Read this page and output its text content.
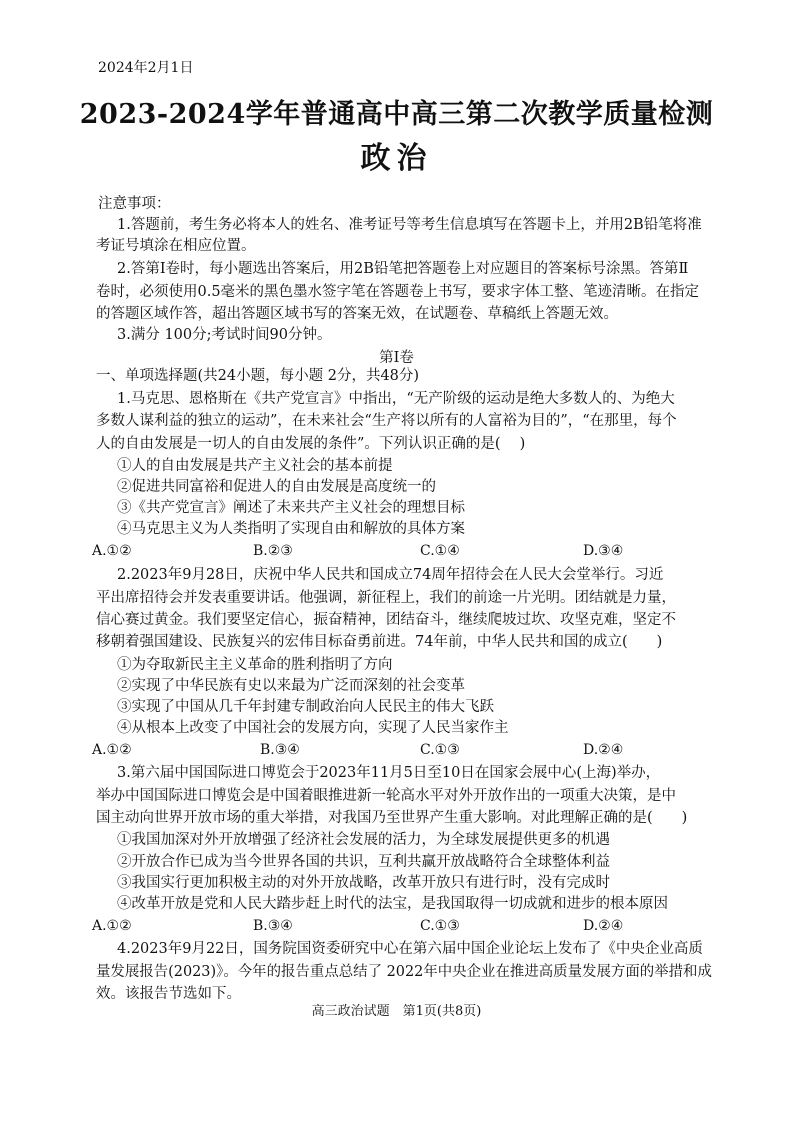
2024年2月1日
2023-2024学年普通高中高三第二次教学质量检测
政治
注意事项：
1.答题前，考生务必将本人的姓名、准考证号等考生信息填写在答题卡上，并用2B铅笔将准
考证号填涂在相应位置。
2.答第Ⅰ卷时，每小题选出答案后，用2B铅笔把答题卷上对应题目的答案标号涂黑。答第Ⅱ
卷时，必须使用0.5毫米的黑色墨水签字笔在答题卷上书写，要求字体工整、笔迹清晰。在指定
的答题区域作答，超出答题区域书写的答案无效，在试题卷、草稿纸上答题无效。
3.满分 100分;考试时间90分钟。
第Ⅰ卷
一、单项选择题(共24小题，每小题 2分，共48分)
1.马克思、恩格斯在《共产党宣言》中指出，“无产阶级的运动是绝大多数人的、为绝大
多数人谋利益的独立的运动”，在未来社会“生产将以所有的人富裕为目的”，“在那里，每个
人的自由发展是一切人的自由发展的条件”。下列认识正确的是(　 )
①人的自由发展是共产主义社会的基本前提
②促进共同富裕和促进人的自由发展是高度统一的
③《共产党宣言》阐述了未来共产主义社会的理想目标
④马克思主义为人类指明了实现自由和解放的具体方案
A.①②	B.②③	C.①④	D.③④
2.2023年9月28日，庆祝中华人民共和国成立74周年招待会在人民大会堂举行。习近
平出席招待会并发表重要讲话。他强调，新征程上，我们的前途一片光明。团结就是力量，
信心赛过黄金。我们要坚定信心，振奋精神，团结奋斗，继续爬坡过坎、攻坚克难，坚定不
移朝着强国建设、民族复兴的宏伟目标奋勇前进。74年前，中华人民共和国的成立(　　)
①为夺取新民主主义革命的胜利指明了方向
②实现了中华民族有史以来最为广泛而深刻的社会变革
③实现了中国从几千年封建专制政治向人民民主的伟大飞跃
④从根本上改变了中国社会的发展方向，实现了人民当家作主
A.①②	B.③④	C.①③	D.②④
3.第六届中国国际进口博览会于2023年11月5日至10日在国家会展中心(上海)举办，
举办中国国际进口博览会是中国着眼推进新一轮高水平对外开放作出的一项重大决策，是中
国主动向世界开放市场的重大举措，对我国乃至世界产生重大影响。对此理解正确的是(　　)
①我国加深对外开放增强了经济社会发展的活力，为全球发展提供更多的机遇
②开放合作已成为当今世界各国的共识，互利共赢开放战略符合全球整体利益
③我国实行更加积极主动的对外开放战略，改革开放只有进行时，没有完成时
④改革开放是党和人民大踏步赶上时代的法宝，是我国取得一切成就和进步的根本原因
A.①②	B.③④	C.①③	D.②④
4.2023年9月22日，国务院国资委研究中心在第六届中国企业论坛上发布了《中央企业高质
量发展报告(2023)》。今年的报告重点总结了 2022年中央企业在推进高质量发展方面的举措和成
效。该报告节选如下。
高三政治试题　第1页(共8页)
